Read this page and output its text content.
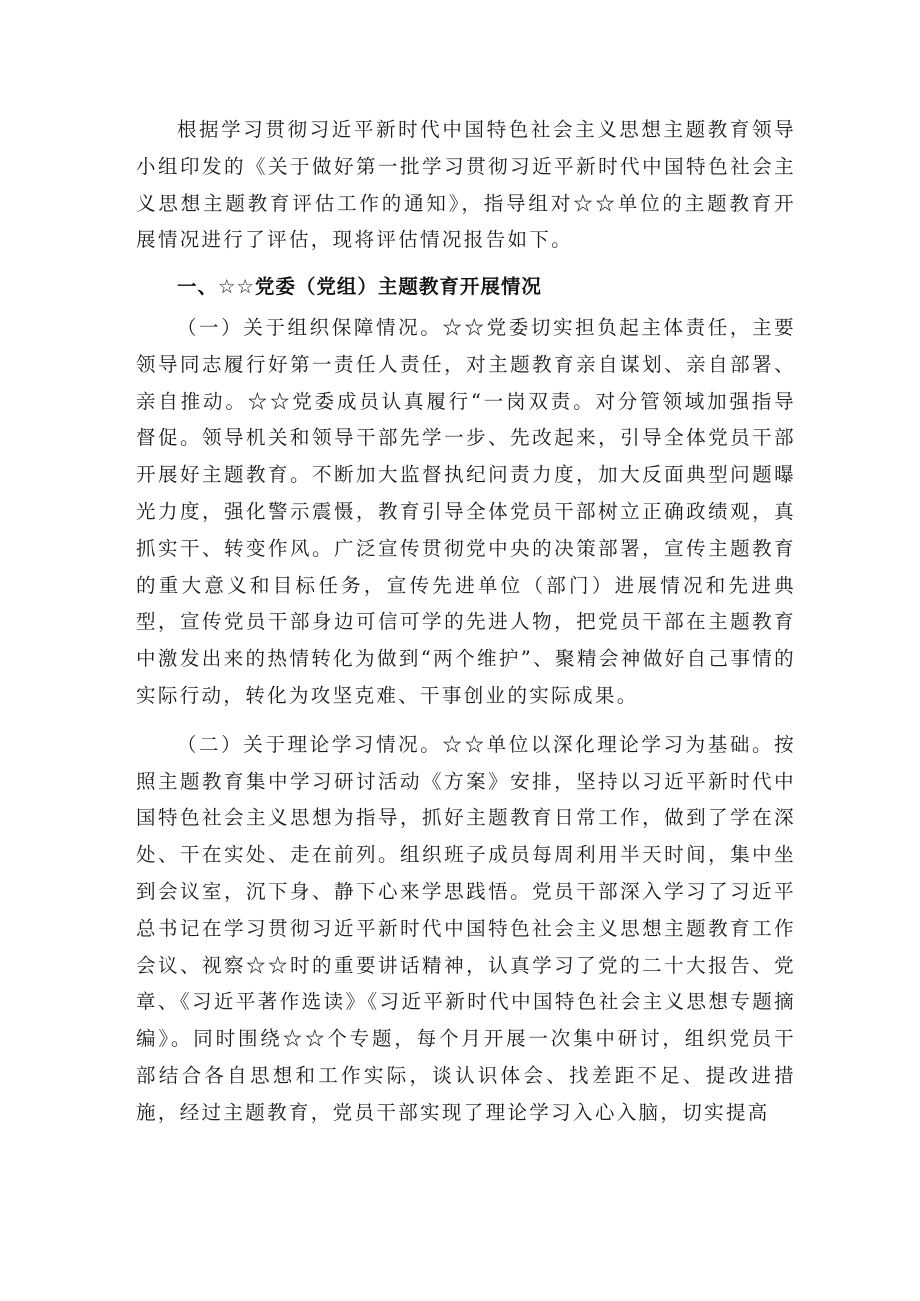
根据学习贯彻习近平新时代中国特色社会主义思想主题教育领导小组印发的《关于做好第一批学习贯彻习近平新时代中国特色社会主义思想主题教育评估工作的通知》，指导组对☆☆单位的主题教育开展情况进行了评估，现将评估情况报告如下。

一、☆☆党委（党组）主题教育开展情况

（一）关于组织保障情况。☆☆党委切实担负起主体责任，主要领导同志履行好第一责任人责任，对主题教育亲自谋划、亲自部署、亲自推动。☆☆党委成员认真履行“一岗双责。对分管领域加强指导督促。领导机关和领导干部先学一步、先改起来，引导全体党员干部开展好主题教育。不断加大监督执纪问责力度，加大反面典型问题曝光力度，强化警示震慑，教育引导全体党员干部树立正确政绩观，真抓实干、转变作风。广泛宣传贯彻党中央的决策部署，宣传主题教育的重大意义和目标任务，宣传先进单位（部门）进展情况和先进典型，宣传党员干部身边可信可学的先进人物，把党员干部在主题教育中激发出来的热情转化为做到“两个维护”、聚精会神做好自己事情的实际行动，转化为攻坚克难、干事创业的实际成果。

（二）关于理论学习情况。☆☆单位以深化理论学习为基础。按照主题教育集中学习研讨活动《方案》安排，坚持以习近平新时代中国特色社会主义思想为指导，抓好主题教育日常工作，做到了学在深处、干在实处、走在前列。组织班子成员每周利用半天时间，集中坐到会议室，沉下身、静下心来学思践悟。党员干部深入学习了习近平总书记在学习贯彻习近平新时代中国特色社会主义思想主题教育工作会议、视察☆☆时的重要讲话精神，认真学习了党的二十大报告、党章、《习近平著作选读》《习近平新时代中国特色社会主义思想专题摘编》。同时围绕☆☆个专题，每个月开展一次集中研讨，组织党员干部结合各自思想和工作实际，谈认识体会、找差距不足、提改进措施，经过主题教育，党员干部实现了理论学习入心入脑，切实提高
